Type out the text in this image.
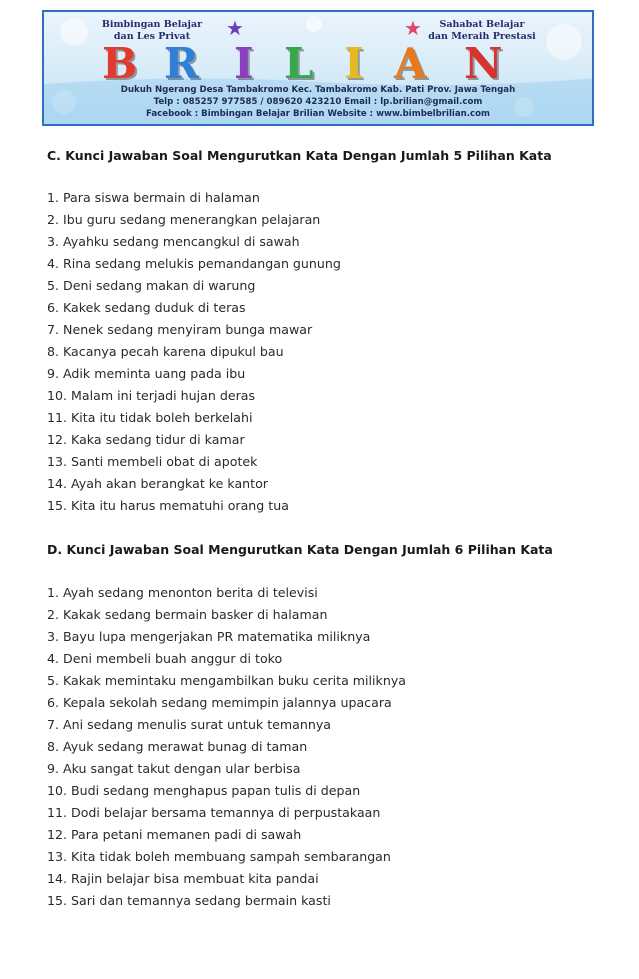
Bimbingan Belajar
dan Les Privat
Sahabat Belajar
dan Meraih Prestasi
★	★
B R I L I A N
Dukuh Ngerang Desa Tambakromo Kec. Tambakromo Kab. Pati Prov. Jawa Tengah
Telp : 085257 977585 / 089620 423210 Email : lp.brilian@gmail.com
Facebook : Bimbingan Belajar Brilian Website : www.bimbelbrilian.com
C. Kunci Jawaban Soal Mengurutkan Kata Dengan Jumlah 5 Pilihan Kata
1. Para siswa bermain di halaman
2. Ibu guru sedang menerangkan pelajaran
3. Ayahku sedang mencangkul di sawah
4. Rina sedang melukis pemandangan gunung
5. Deni sedang makan di warung
6. Kakek sedang duduk di teras
7. Nenek sedang menyiram bunga mawar
8. Kacanya pecah karena dipukul bau
9. Adik meminta uang pada ibu
10. Malam ini terjadi hujan deras
11. Kita itu tidak boleh berkelahi
12. Kaka sedang tidur di kamar
13. Santi membeli obat di apotek
14. Ayah akan berangkat ke kantor
15. Kita itu harus mematuhi orang tua
D. Kunci Jawaban Soal Mengurutkan Kata Dengan Jumlah 6 Pilihan Kata
1. Ayah sedang menonton berita di televisi
2. Kakak sedang bermain basker di halaman
3. Bayu lupa mengerjakan PR matematika miliknya
4. Deni membeli buah anggur di toko
5. Kakak memintaku mengambilkan buku cerita miliknya
6. Kepala sekolah sedang memimpin jalannya upacara
7. Ani sedang menulis surat untuk temannya
8. Ayuk sedang merawat bunag di taman
9. Aku sangat takut dengan ular berbisa
10. Budi sedang menghapus papan tulis di depan
11. Dodi belajar bersama temannya di perpustakaan
12. Para petani memanen padi di sawah
13. Kita tidak boleh membuang sampah sembarangan
14. Rajin belajar bisa membuat kita pandai
15. Sari dan temannya sedang bermain kasti
